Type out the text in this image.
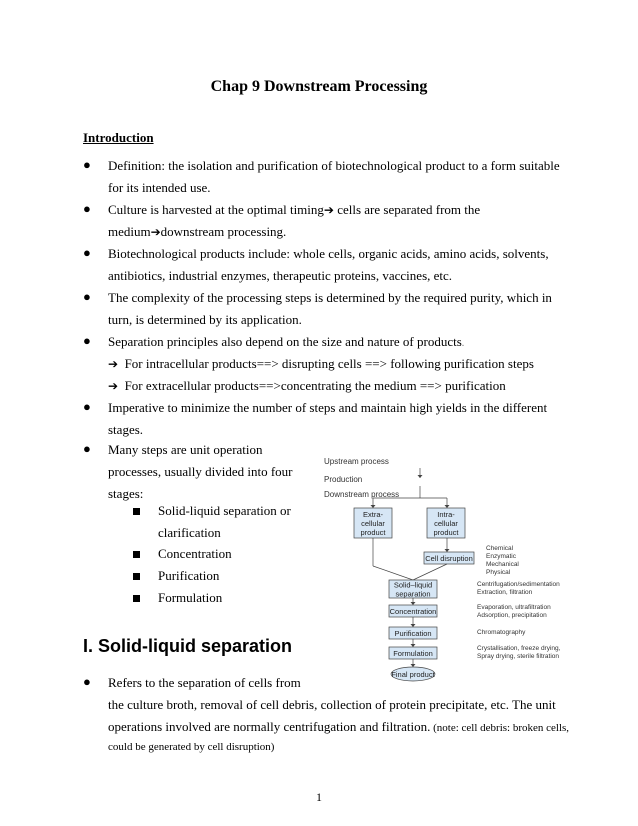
Chap 9 Downstream Processing
Introduction
● Definition: the isolation and purification of biotechnological product to a form suitable
for its intended use.
● Culture is harvested at the optimal timing➔ cells are separated from the
medium➔downstream processing.
● Biotechnological products include: whole cells, organic acids, amino acids, solvents,
antibiotics, industrial enzymes, therapeutic proteins, vaccines, etc.
● The complexity of the processing steps is determined by the required purity, which in
turn, is determined by its application.
● Separation principles also depend on the size and nature of products.
➔ For intracellular products==> disrupting cells ==> following purification steps
➔ For extracellular products==>concentrating the medium ==> purification
● Imperative to minimize the number of steps and maintain high yields in the different
stages.
● Many steps are unit operation
processes, usually divided into four
stages:
Solid-liquid separation or
clarification
Concentration
Purification
Formulation
I. Solid-liquid separation
● Refers to the separation of cells from
the culture broth, removal of cell debris, collection of protein precipitate, etc. The unit
operations involved are normally centrifugation and filtration. (note: cell debris: broken cells,
could be generated by cell disruption)
1
Upstream process
Production
Downstream process
Extra-
cellular
product
Intra-
cellular
product
Cell disruption
Chemical
Enzymatic
Mechanical
Physical
Solid–liquid
separation
Centrifugation/sedimentation
Extraction, filtration
Concentration	Evaporation, ultrafiltration
Adsorption, precipitation
Purification	Chromatography
Formulation
Crystallisation, freeze drying,
Spray drying, sterile filtration
Final product
